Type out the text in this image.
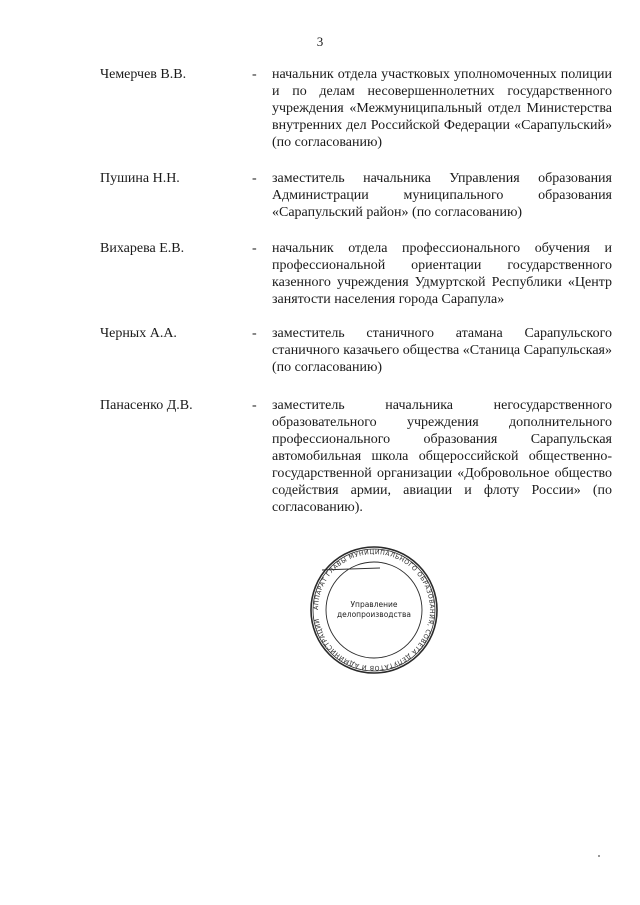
3
Чемерчев В.В.	- начальник отдела участковых уполномоченных полиции и по делам несовершеннолетних государственного учреждения «Межмуниципальный отдел Министерства внутренних дел Российской Федерации «Сарапульский» (по согласованию)
Пушина Н.Н.	- заместитель начальника Управления образования Администрации муниципального образования «Сарапульский район» (по согласованию)
Вихарева Е.В.	- начальник отдела профессионального обучения и профессиональной ориентации государственного казенного учреждения Удмуртской Республики «Центр занятости населения города Сарапула»
Черных А.А.	- заместитель станичного атамана Сарапульского станичного казачьего общества «Станица Сарапульская» (по согласованию)
Панасенко Д.В.	- заместитель начальника негосударственного образовательного учреждения дополнительного профессионального образования Сарапульская автомобильная школа общероссийской общественно-государственной организации «Добровольное общество содействия армии, авиации и флоту России» (по согласованию).
АППАРАТ ГЛАВЫ МУНИЦИПАЛЬНОГО ОБРАЗОВАНИЯ, СОВЕТА ДЕПУТАТОВ И АДМИНИСТРАЦИИ
Управление
делопроизводства
